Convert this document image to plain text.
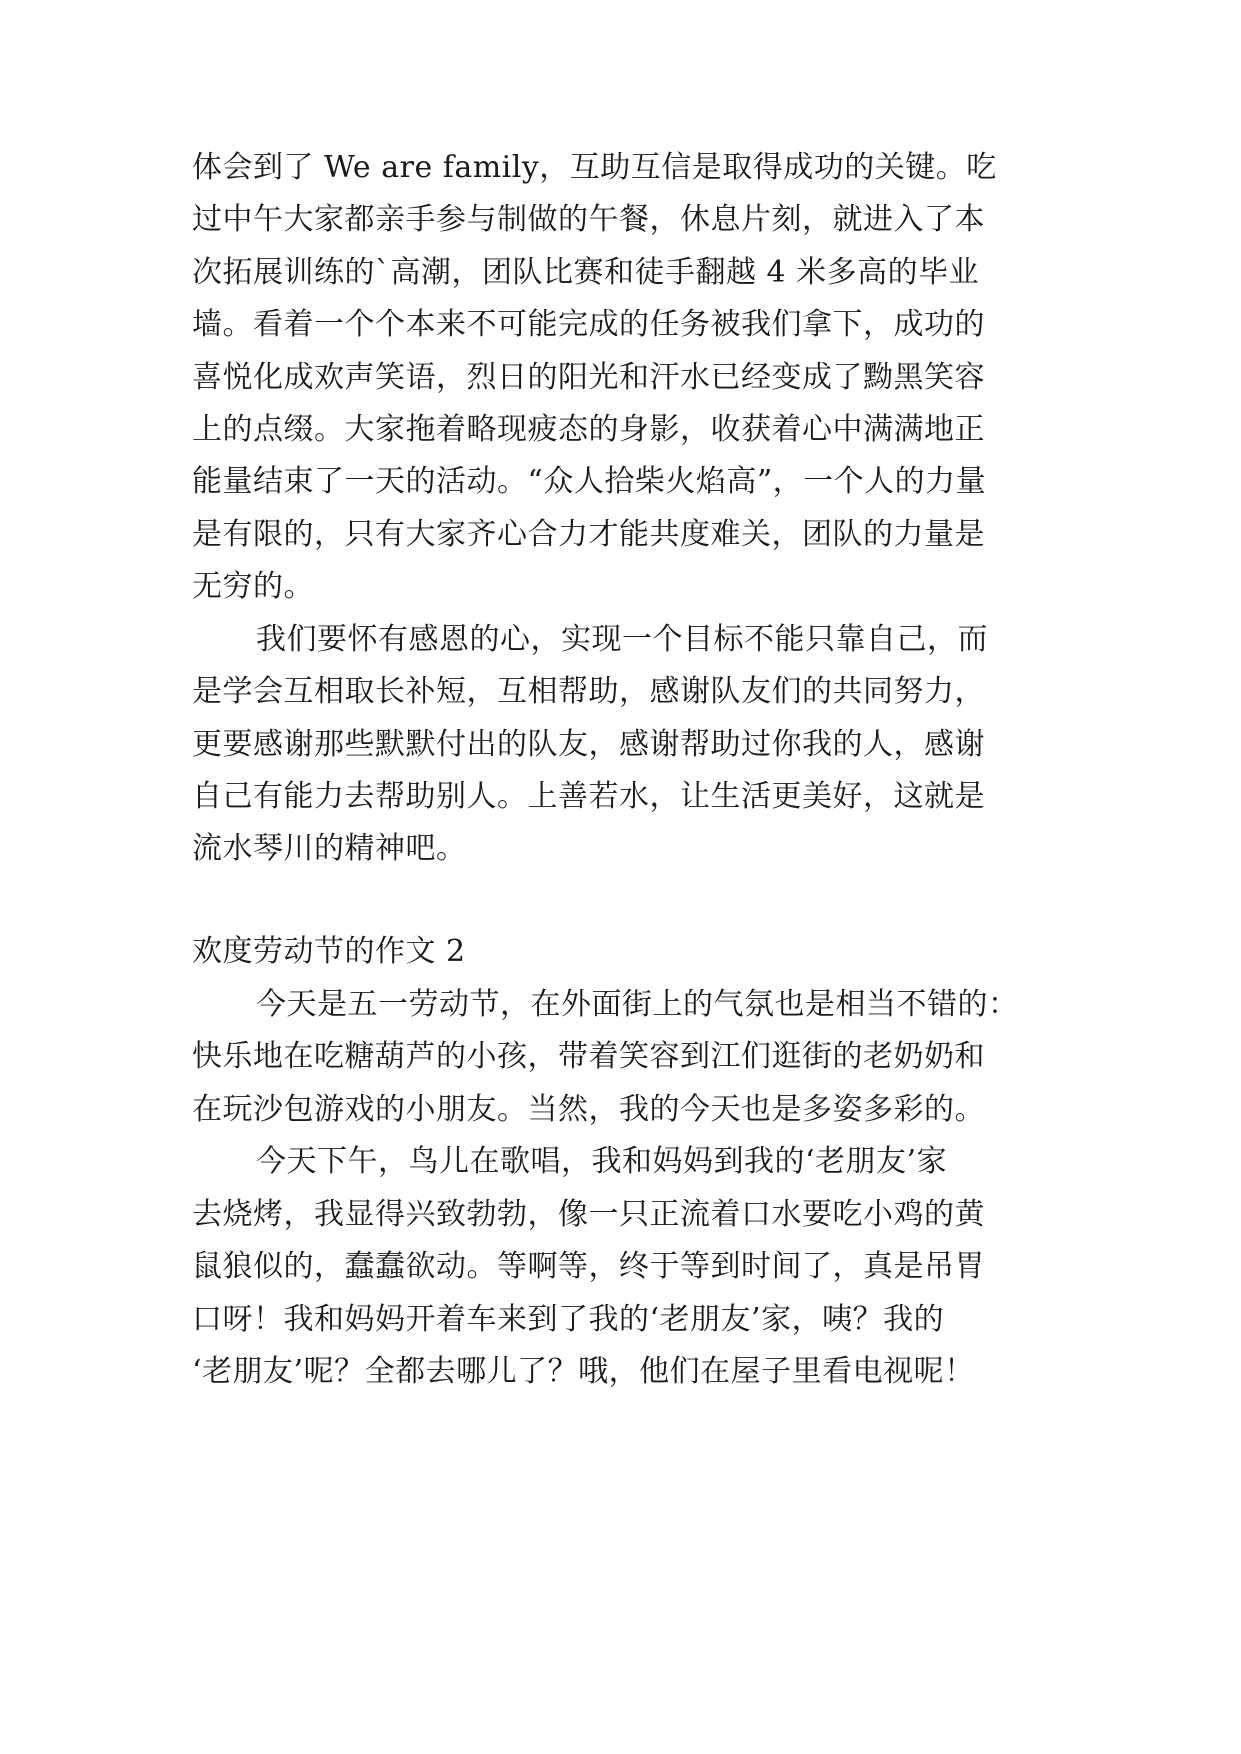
体会到了 We are family，互助互信是取得成功的关键。吃
过中午大家都亲手参与制做的午餐，休息片刻，就进入了本
次拓展训练的`高潮，团队比赛和徒手翻越 4 米多高的毕业
墙。看着一个个本来不可能完成的任务被我们拿下，成功的
喜悦化成欢声笑语，烈日的阳光和汗水已经变成了黝黑笑容
上的点缀。大家拖着略现疲态的身影，收获着心中满满地正
能量结束了一天的活动。“众人拾柴火焰高”，一个人的力量
是有限的，只有大家齐心合力才能共度难关，团队的力量是
无穷的。
我们要怀有感恩的心，实现一个目标不能只靠自己，而
是学会互相取长补短，互相帮助，感谢队友们的共同努力，
更要感谢那些默默付出的队友，感谢帮助过你我的人，感谢
自己有能力去帮助别人。上善若水，让生活更美好，这就是
流水琴川的精神吧。
欢度劳动节的作文 2
今天是五一劳动节，在外面街上的气氛也是相当不错的：
快乐地在吃糖葫芦的小孩，带着笑容到江们逛街的老奶奶和
在玩沙包游戏的小朋友。当然，我的今天也是多姿多彩的。
今天下午，鸟儿在歌唱，我和妈妈到我的‘老朋友’家
去烧烤，我显得兴致勃勃，像一只正流着口水要吃小鸡的黄
鼠狼似的，蠢蠢欲动。等啊等，终于等到时间了，真是吊胃
口呀！我和妈妈开着车来到了我的‘老朋友’家，咦？我的
‘老朋友’呢？全都去哪儿了？哦，他们在屋子里看电视呢！
